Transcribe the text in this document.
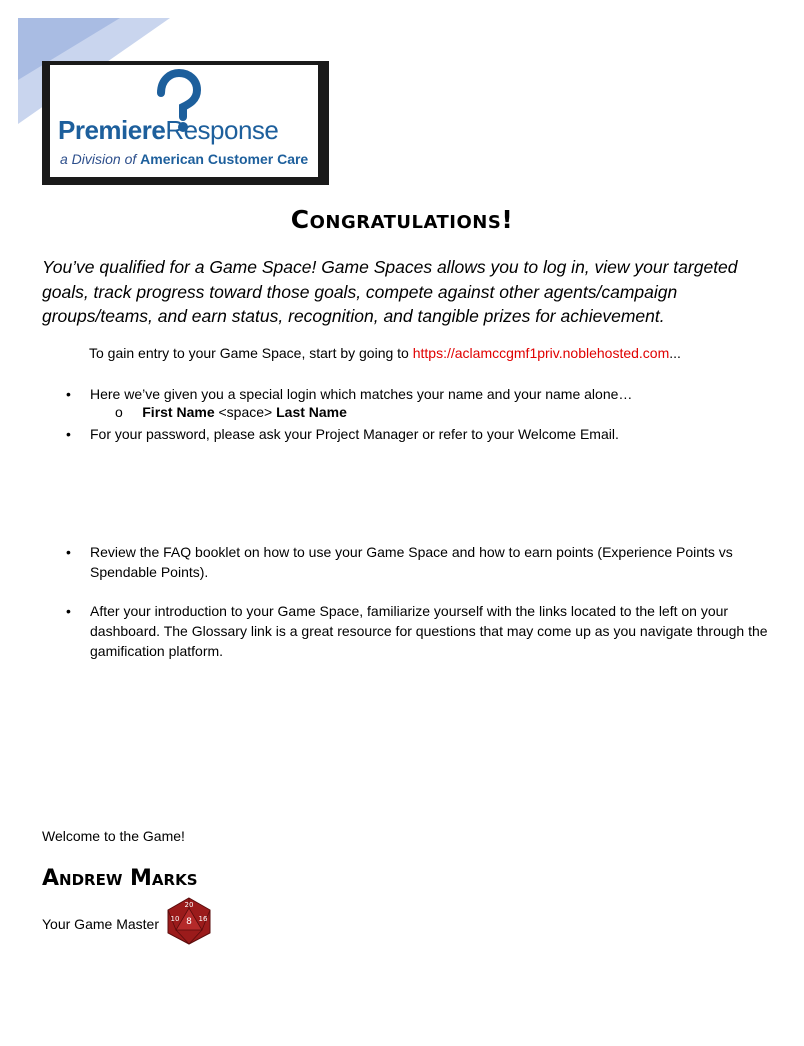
PremiereResponse
a Division of American Customer Care
Congratulations!
You’ve qualified for a Game Space! Game Spaces allows you to log in, view your targeted goals, track progress toward those goals, compete against other agents/campaign groups/teams, and earn status, recognition, and tangible prizes for achievement.
To gain entry to your Game Space, start by going to https://aclamccgmf1priv.noblehosted.com...
• Here we’ve given you a special login which matches your name and your name alone…
o First Name <space> Last Name
• For your password, please ask your Project Manager or refer to your Welcome Email.
• Review the FAQ booklet on how to use your Game Space and how to earn points (Experience Points vs Spendable Points).
• After your introduction to your Game Space, familiarize yourself with the links located to the left on your dashboard. The Glossary link is a great resource for questions that may come up as you navigate through the gamification platform.
Welcome to the Game!
Andrew Marks
Your Game Master
20
8
10	16
